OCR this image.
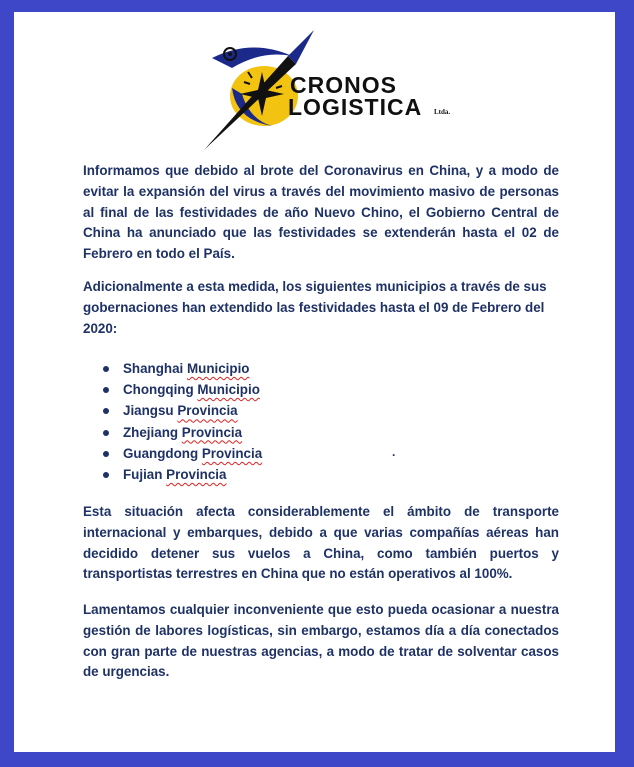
CRONOS
LOGISTICA Ltda.
Informamos que debido al brote del Coronavirus en China, y a modo de evitar la expansión del virus a través del movimiento masivo de personas al final de las festividades de año Nuevo Chino, el Gobierno Central de China ha anunciado que las festividades se extenderán hasta el 02 de Febrero en todo el País.
Adicionalmente a esta medida, los siguientes municipios a través de sus gobernaciones han extendido las festividades hasta el 09 de Febrero del 2020:
Shanghai Municipio
Chongqing Municipio
Jiangsu Provincia
Zhejiang Provincia
Guangdong Provincia
Fujian Provincia
.
Esta situación afecta considerablemente el ámbito de transporte internacional y embarques, debido a que varias compañías aéreas han decidido detener sus vuelos a China, como también puertos y transportistas terrestres en China que no están operativos al 100%.
Lamentamos cualquier inconveniente que esto pueda ocasionar a nuestra gestión de labores logísticas, sin embargo, estamos día a día conectados con gran parte de nuestras agencias, a modo de tratar de solventar casos de urgencias.
